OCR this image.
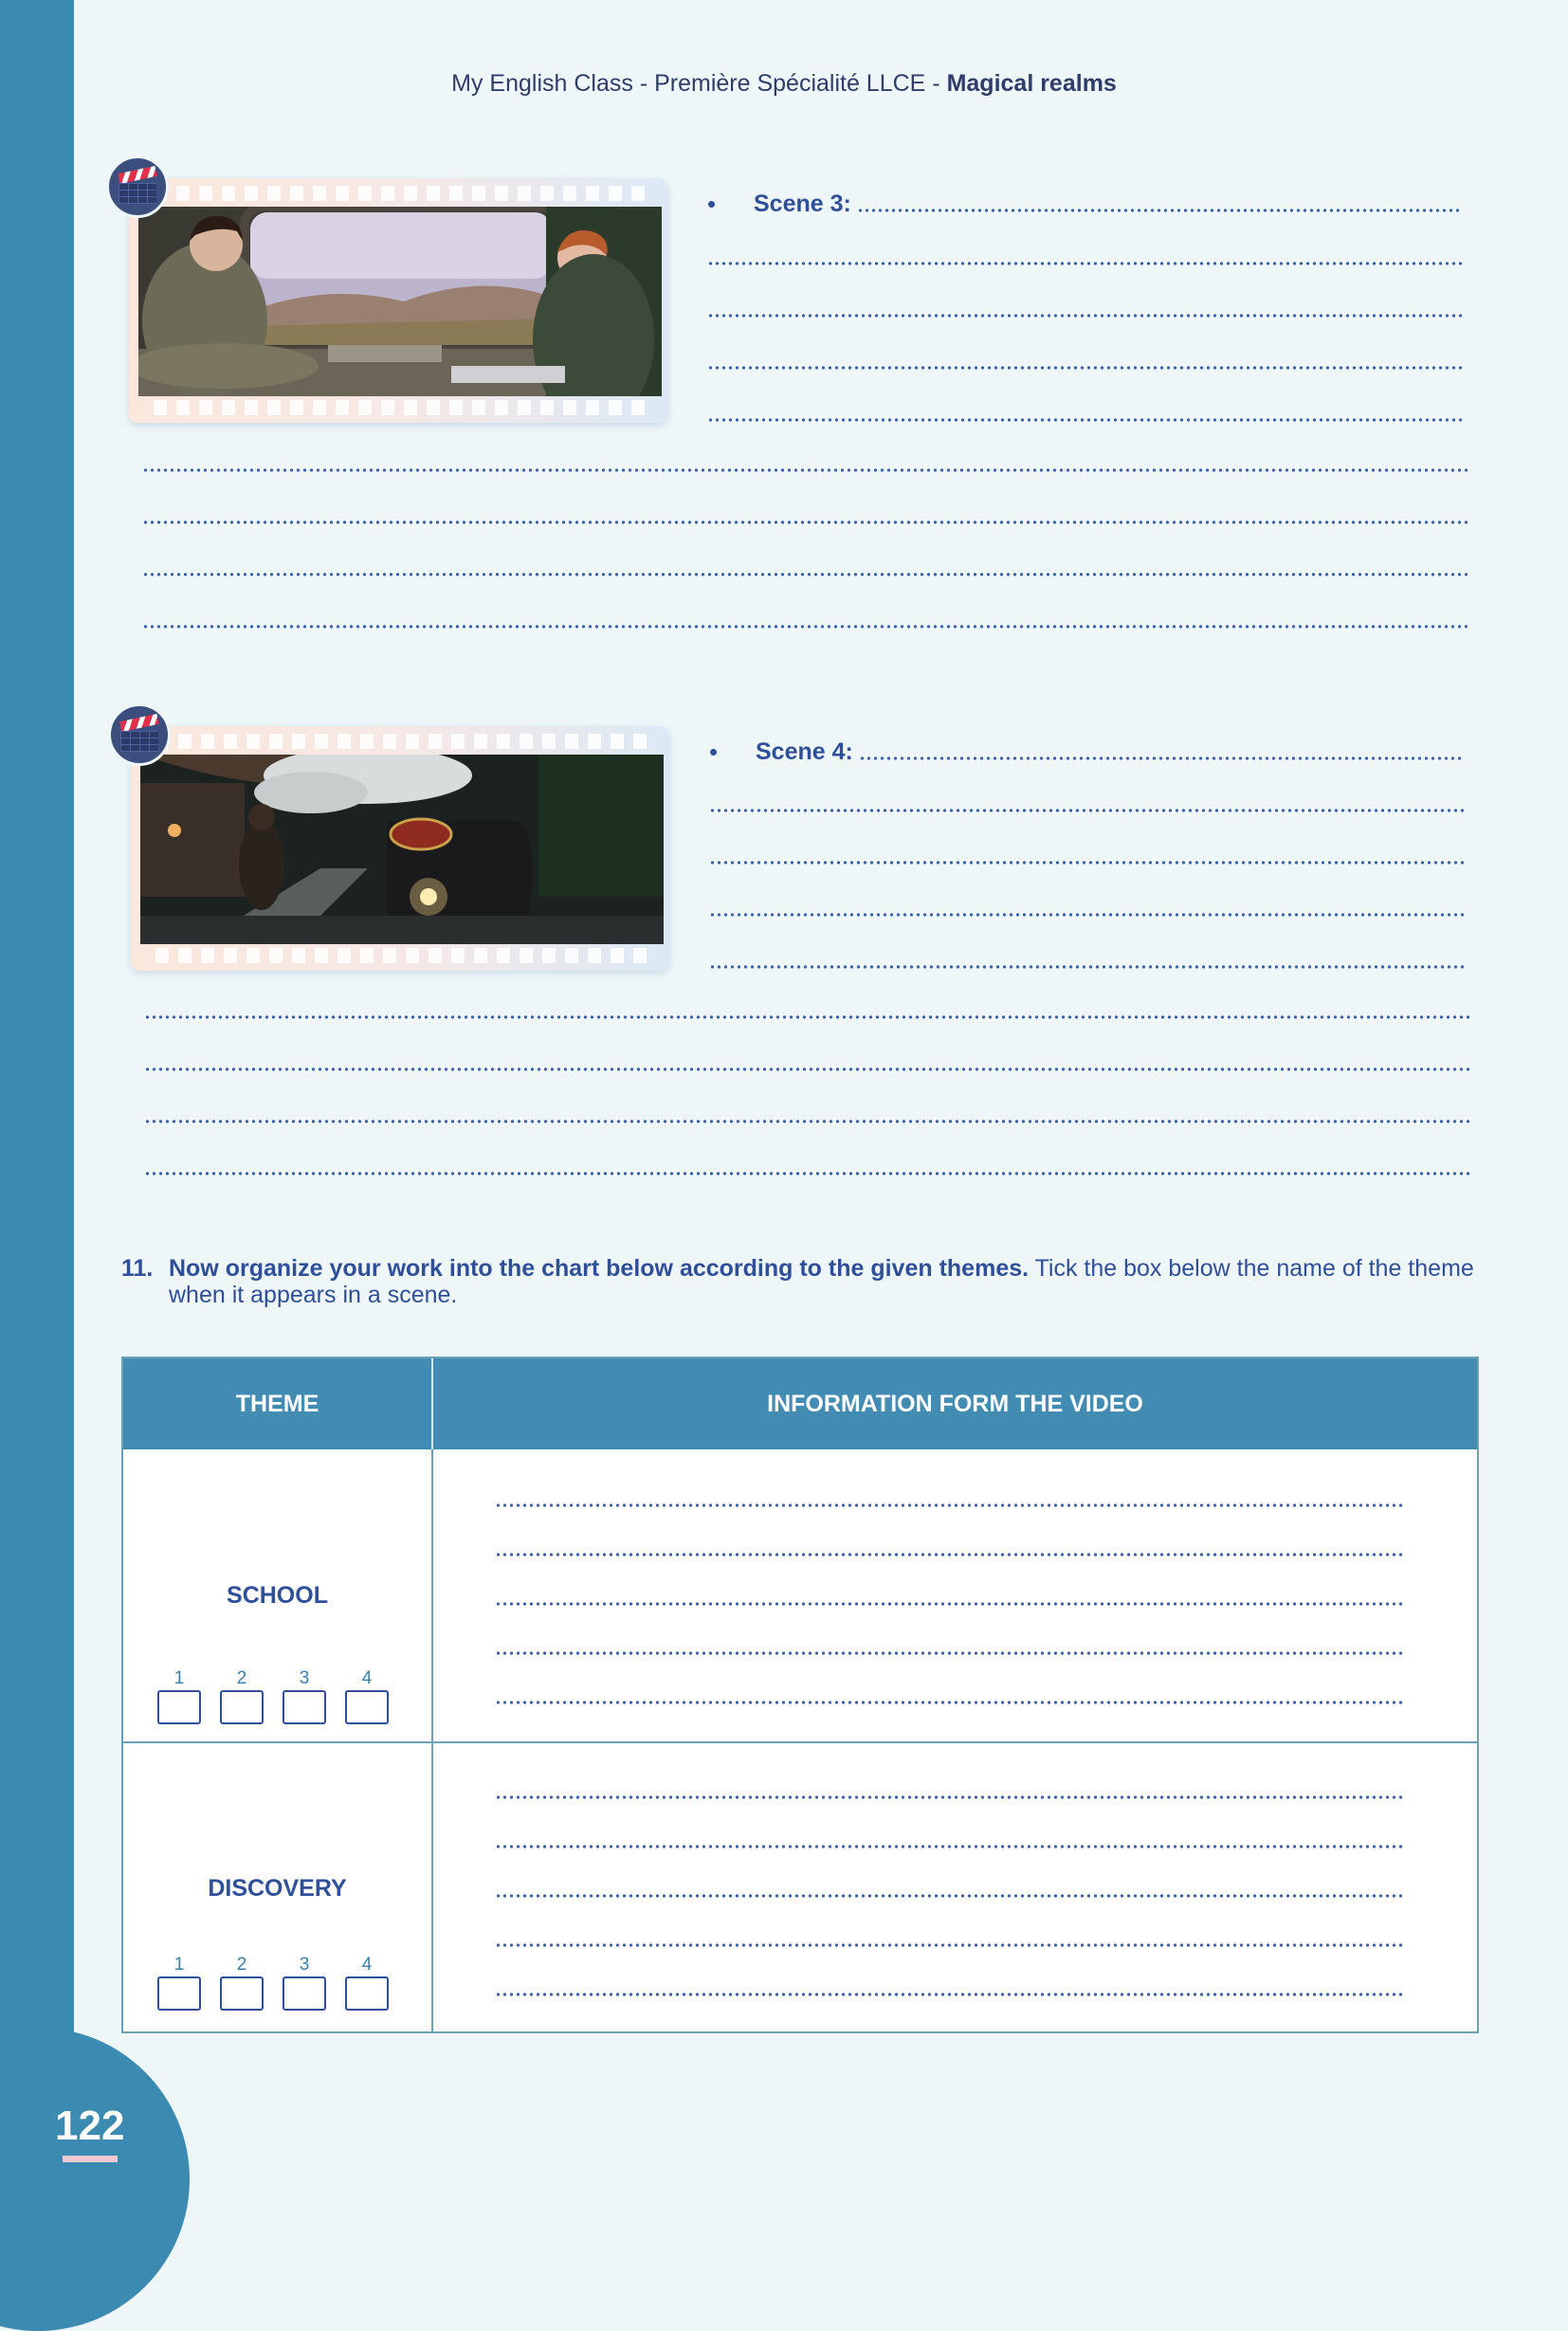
122
My English Class - Première Spécialité LLCE - Magical realms
• Scene 3:
• Scene 4:
11. Now organize your work into the chart below according to the given themes. Tick the box below the name of the theme when it appears in a scene.
THEME	INFORMATION FORM THE VIDEO
SCHOOL
1	2	3	4
DISCOVERY
1	2	3	4
